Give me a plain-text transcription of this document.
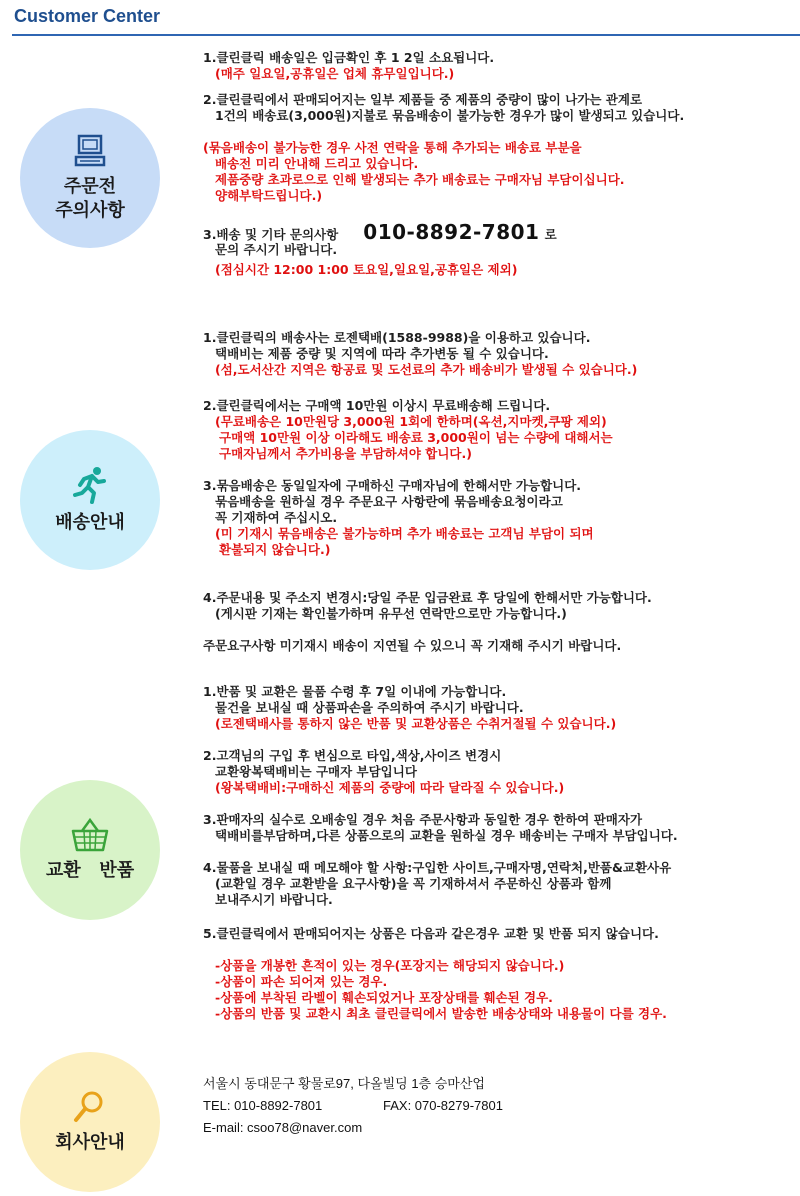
Customer Center
주문전
주의사항
배송안내
교환   반품
회사안내
1.클린클릭 배송일은 입금확인 후 1 2일 소요됩니다.
(매주 일요일,공휴일은 업체 휴무일입니다.)
2.클린클릭에서 판매되어지는 일부 제품들 중 제품의 중량이 많이 나가는 관계로
1건의 배송료(3,000원)지불로 묶음배송이 불가능한 경우가 많이 발생되고 있습니다.
(묶음배송이 불가능한 경우 사전 연락을 통해 추가되는 배송료 부분을
배송전 미리 안내해 드리고 있습니다.
제품중량 초과로으로 인해 발생되는 추가 배송료는 구매자님 부담이십니다.
양해부탁드립니다.)
문의 주시기 바랍니다.
(점심시간 12:00 1:00 토요일,일요일,공휴일은 제외)
1.클린클릭의 배송사는 로젠택배(1588-9988)을 이용하고 있습니다.
택배비는 제품 중량 및 지역에 따라 추가변동 될 수 있습니다.
(섬,도서산간 지역은 항공료 및 도선료의 추가 배송비가 발생될 수 있습니다.)
2.클린클릭에서는 구매액 10만원 이상시 무료배송해 드립니다.
(무료배송은 10만원당 3,000원 1회에 한하며(옥션,지마켓,쿠팡 제외)
구매액 10만원 이상 이라해도 배송료 3,000원이 넘는 수량에 대해서는
구매자님께서 추가비용을 부담하셔야 합니다.)
3.묶음배송은 동일일자에 구매하신 구매자님에 한해서만 가능합니다.
묶음배송을 원하실 경우 주문요구 사항란에 묶음배송요청이라고
꼭 기재하여 주십시오.
(미 기재시 묶음배송은 불가능하며 추가 배송료는 고객님 부담이 되며
환불되지 않습니다.)
4.주문내용 및 주소지 변경시:당일 주문 입금완료 후 당일에 한해서만 가능합니다.
(게시판 기재는 확인불가하며 유무선 연락만으로만 가능합니다.)
주문요구사항 미기재시 배송이 지연될 수 있으니 꼭 기재해 주시기 바랍니다.
1.반품 및 교환은 물품 수령 후 7일 이내에 가능합니다.
물건을 보내실 때 상품파손을 주의하여 주시기 바랍니다.
(로젠택배사를 통하지 않은 반품 및 교환상품은 수취거절될 수 있습니다.)
2.고객님의 구입 후 변심으로 타입,색상,사이즈 변경시
교환왕복택배비는 구매자 부담입니다
(왕복택배비:구매하신 제품의 중량에 따라 달라질 수 있습니다.)
3.판매자의 실수로 오배송일 경우 처음 주문사항과 동일한 경우 한하여 판매자가
택배비를부담하며,다른 상품으로의 교환을 원하실 경우 배송비는 구매자 부담입니다.
4.물품을 보내실 때 메모해야 할 사항:구입한 사이트,구매자명,연락처,반품&교환사유
(교환일 경우 교환받을 요구사항)을 꼭 기재하셔서 주문하신 상품과 함께
보내주시기 바랍니다.
5.클린클릭에서 판매되어지는 상품은 다음과 같은경우 교환 및 반품 되지 않습니다.
-상품을 개봉한 흔적이 있는 경우(포장지는 해당되지 않습니다.)
-상품이 파손 되어져 있는 경우.
-상품에 부착된 라벨이 훼손되었거나 포장상태를 훼손된 경우.
-상품의 반품 및 교환시 최초 클린클릭에서 발송한 배송상태와 내용물이 다를 경우.
3.배송 및 기타 문의사항 010-8892-7801 로
서울시 동대문구 황물로97, 다올빌딩 1층 승마산업
TEL: 010-8892-7801	FAX: 070-8279-7801
E-mail: csoo78@naver.com
